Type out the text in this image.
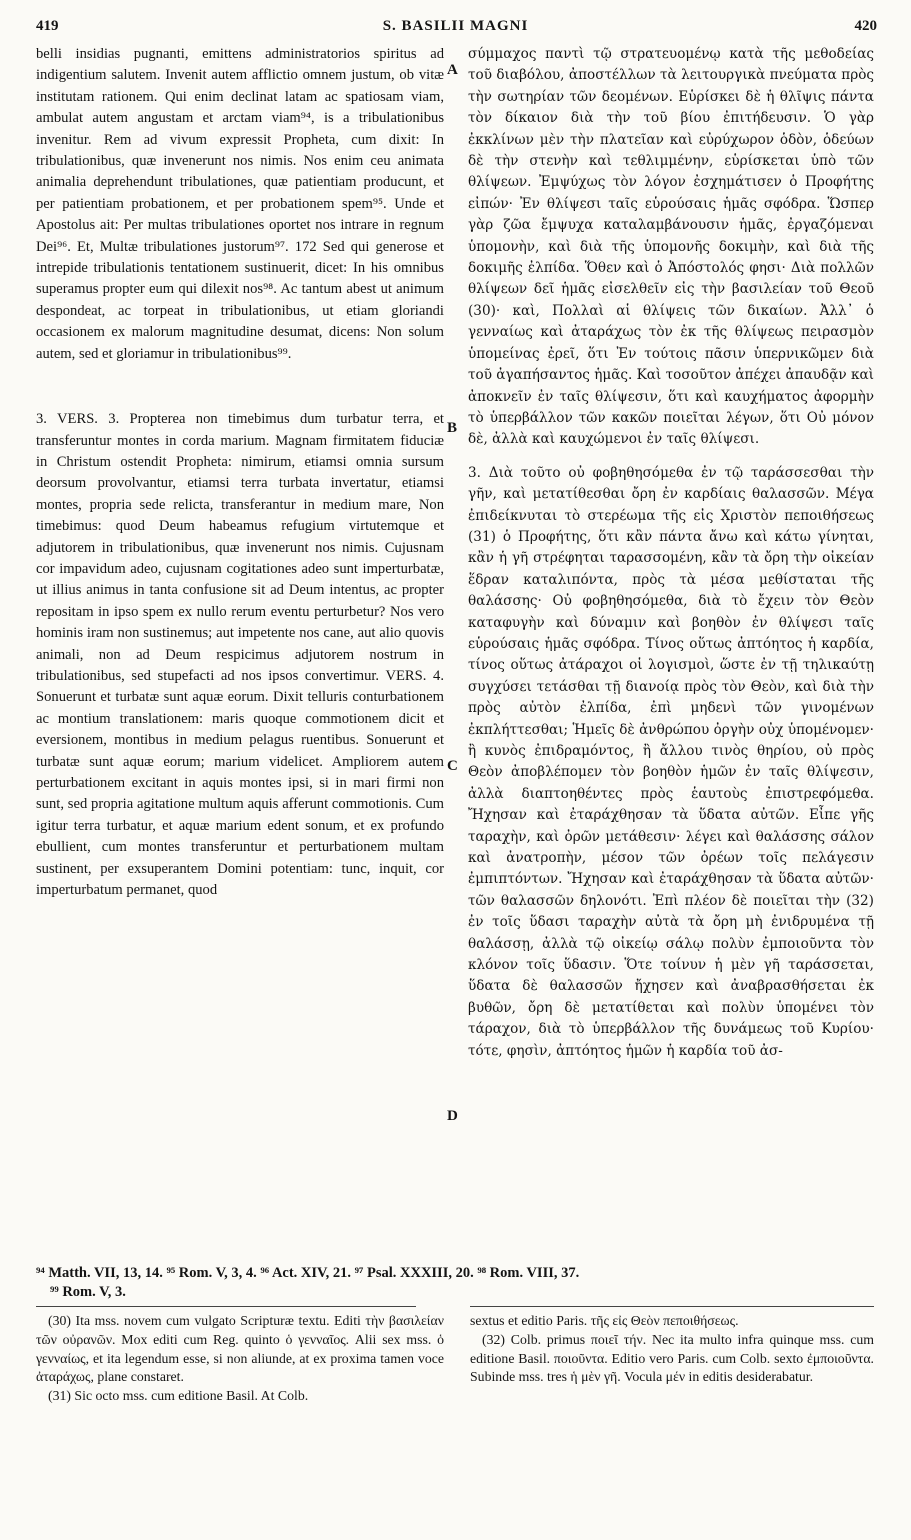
419	S. BASILII MAGNI	420

belli insidias pugnanti, emittens administratorios spiritus ad indigentium salutem. Invenit autem afflictio omnem justum, ob vitæ institutam rationem. Qui enim declinat latam ac spatiosam viam, ambulat autem angustam et arctam viam⁹⁴, is a tribulationibus invenitur. Rem ad vivum expressit Propheta, cum dixit: In tribulationibus, quæ invenerunt nos nimis. Nos enim ceu animata animalia deprehendunt tribulationes, quæ patientiam producunt, et per patientiam probationem, et per probationem spem⁹⁵. Unde et Apostolus ait: Per multas tribulationes oportet nos intrare in regnum Dei⁹⁶. Et, Multæ tribulationes justorum⁹⁷. 172 Sed qui generose et intrepide tribulationis tentationem sustinuerit, dicet: In his omnibus superamus propter eum qui dilexit nos⁹⁸. Ac tantum abest ut animum despondeat, ac torpeat in tribulationibus, ut etiam gloriandi occasionem ex malorum magnitudine desumat, dicens: Non solum autem, sed et gloriamur in tribulationibus⁹⁹.

3. VERS. 3. Propterea non timebimus dum turbatur terra, et transferuntur montes in corda marium. Magnam firmitatem fiduciæ in Christum ostendit Propheta: nimirum, etiamsi omnia sursum deorsum provolvantur, etiamsi terra turbata invertatur, etiamsi montes, propria sede relicta, transferantur in medium mare, Non timebimus: quod Deum habeamus refugium virtutemque et adjutorem in tribulationibus, quæ invenerunt nos nimis. Cujusnam cor impavidum adeo, cujusnam cogitationes adeo sunt imperturbatæ, ut illius animus in tanta confusione sit ad Deum intentus, ac propter repositam in ipso spem ex nullo rerum eventu perturbetur? Nos vero hominis iram non sustinemus; aut impetente nos cane, aut alio quovis animali, non ad Deum respicimus adjutorem nostrum in tribulationibus, sed stupefacti ad nos ipsos convertimur. VERS. 4. Sonuerunt et turbatæ sunt aquæ eorum. Dixit telluris conturbationem ac montium translationem: maris quoque commotionem dicit et eversionem, montibus in medium pelagus ruentibus. Sonuerunt et turbatæ sunt aquæ eorum; marium videlicet. Ampliorem autem perturbationem excitant in aquis montes ipsi, si in mari firmi non sunt, sed propria agitatione multum aquis afferunt commotionis. Cum igitur terra turbatur, et aquæ marium edent sonum, et ex profundo ebullient, cum montes transferuntur et perturbationem multam sustinent, per exsuperantem Domini potentiam: tunc, inquit, cor imperturbatum permanet, quod

A
B
C
D

σύμμαχος παντὶ τῷ στρατευομένῳ κατὰ τῆς μεθοδείας τοῦ διαβόλου, ἀποστέλλων τὰ λειτουργικὰ πνεύματα πρὸς τὴν σωτηρίαν τῶν δεομένων. Εὑρίσκει δὲ ἡ θλῖψις πάντα τὸν δίκαιον διὰ τὴν τοῦ βίου ἐπιτήδευσιν. Ὁ γὰρ ἐκκλίνων μὲν τὴν πλατεῖαν καὶ εὐρύχωρον ὁδὸν, ὁδεύων δὲ τὴν στενὴν καὶ τεθλιμμένην, εὑρίσκεται ὑπὸ τῶν θλίψεων. Ἐμψύχως τὸν λόγον ἐσχημάτισεν ὁ Προφήτης εἰπών· Ἐν θλίψεσι ταῖς εὑρούσαις ἡμᾶς σφόδρα. Ὥσπερ γὰρ ζῶα ἔμψυχα καταλαμβάνουσιν ἡμᾶς, ἐργαζόμεναι ὑπομονὴν, καὶ διὰ τῆς ὑπομονῆς δοκιμὴν, καὶ διὰ τῆς δοκιμῆς ἐλπίδα. Ὅθεν καὶ ὁ Ἀπόστολός φησι· Διὰ πολλῶν θλίψεων δεῖ ἡμᾶς εἰσελθεῖν εἰς τὴν βασιλείαν τοῦ Θεοῦ (30)· καὶ, Πολλαὶ αἱ θλίψεις τῶν δικαίων. Ἀλλ᾽ ὁ γενναίως καὶ ἀταράχως τὸν ἐκ τῆς θλίψεως πειρασμὸν ὑπομείνας ἐρεῖ, ὅτι Ἐν τούτοις πᾶσιν ὑπερνικῶμεν διὰ τοῦ ἀγαπήσαντος ἡμᾶς. Καὶ τοσοῦτον ἀπέχει ἀπαυδᾷν καὶ ἀποκνεῖν ἐν ταῖς θλίψεσιν, ὅτι καὶ καυχήματος ἀφορμὴν τὸ ὑπερβάλλον τῶν κακῶν ποιεῖται λέγων, ὅτι Οὐ μόνον δὲ, ἀλλὰ καὶ καυχώμενοι ἐν ταῖς θλίψεσι.

3. Διὰ τοῦτο οὐ φοβηθησόμεθα ἐν τῷ ταράσσεσθαι τὴν γῆν, καὶ μετατίθεσθαι ὄρη ἐν καρδίαις θαλασσῶν. Μέγα ἐπιδείκνυται τὸ στερέωμα τῆς εἰς Χριστὸν πεποιθήσεως (31) ὁ Προφήτης, ὅτι κἂν πάντα ἄνω καὶ κάτω γίνηται, κἂν ἡ γῆ στρέφηται ταρασσομένη, κἂν τὰ ὄρη τὴν οἰκείαν ἕδραν καταλιπόντα, πρὸς τὰ μέσα μεθίσταται τῆς θαλάσσης· Οὐ φοβηθησόμεθα, διὰ τὸ ἔχειν τὸν Θεὸν καταφυγὴν καὶ δύναμιν καὶ βοηθὸν ἐν θλίψεσι ταῖς εὑρούσαις ἡμᾶς σφόδρα. Τίνος οὕτως ἀπτόητος ἡ καρδία, τίνος οὕτως ἀτάραχοι οἱ λογισμοὶ, ὥστε ἐν τῇ τηλικαύτῃ συγχύσει τετάσθαι τῇ διανοίᾳ πρὸς τὸν Θεὸν, καὶ διὰ τὴν πρὸς αὐτὸν ἐλπίδα, ἐπὶ μηδενὶ τῶν γινομένων ἐκπλήττεσθαι; Ἡμεῖς δὲ ἀνθρώπου ὀργὴν οὐχ ὑπομένομεν· ἢ κυνὸς ἐπιδραμόντος, ἢ ἄλλου τινὸς θηρίου, οὐ πρὸς Θεὸν ἀποβλέπομεν τὸν βοηθὸν ἡμῶν ἐν ταῖς θλίψεσιν, ἀλλὰ διαπτοηθέντες πρὸς ἑαυτοὺς ἐπιστρεφόμεθα. Ἤχησαν καὶ ἐταράχθησαν τὰ ὕδατα αὐτῶν. Εἶπε γῆς ταραχὴν, καὶ ὀρῶν μετάθεσιν· λέγει καὶ θαλάσσης σάλον καὶ ἀνατροπὴν, μέσον τῶν ὀρέων τοῖς πελάγεσιν ἐμπιπτόντων. Ἤχησαν καὶ ἐταράχθησαν τὰ ὕδατα αὐτῶν· τῶν θαλασσῶν δηλονότι. Ἐπὶ πλέον δὲ ποιεῖται τὴν (32) ἐν τοῖς ὕδασι ταραχὴν αὐτὰ τὰ ὄρη μὴ ἐνιδρυμένα τῇ θαλάσσῃ, ἀλλὰ τῷ οἰκείῳ σάλῳ πολὺν ἐμποιοῦντα τὸν κλόνον τοῖς ὕδασιν. Ὅτε τοίνυν ἡ μὲν γῆ ταράσσεται, ὕδατα δὲ θαλασσῶν ἤχησεν καὶ ἀναβρασθήσεται ἐκ βυθῶν, ὄρη δὲ μετατίθεται καὶ πολὺν ὑπομένει τὸν τάραχον, διὰ τὸ ὑπερβάλλον τῆς δυνάμεως τοῦ Κυρίου· τότε, φησὶν, ἀπτόητος ἡμῶν ἡ καρδία τοῦ ἀσ-

⁹⁴ Matth. VII, 13, 14. ⁹⁵ Rom. V, 3, 4. ⁹⁶ Act. XIV, 21. ⁹⁷ Psal. XXXIII, 20. ⁹⁸ Rom. VIII, 37.
⁹⁹ Rom. V, 3.

(30) Ita mss. novem cum vulgato Scripturæ textu. Editi τὴν βασιλείαν τῶν οὐρανῶν. Mox editi cum Reg. quinto ὁ γενναῖος. Alii sex mss. ὁ γενναίως, et ita legendum esse, si non aliunde, at ex proxima tamen voce ἀταράχως, plane constaret.

(31) Sic octo mss. cum editione Basil. At Colb.

sextus et editio Paris. τῆς εἰς Θεὸν πεποιθήσεως.

(32) Colb. primus ποιεῖ τήν. Nec ita multo infra quinque mss. cum editione Basil. ποιοῦντα. Editio vero Paris. cum Colb. sexto ἐμποιοῦντα. Subinde mss. tres ἡ μὲν γῆ. Vocula μέν in editis desiderabatur.
